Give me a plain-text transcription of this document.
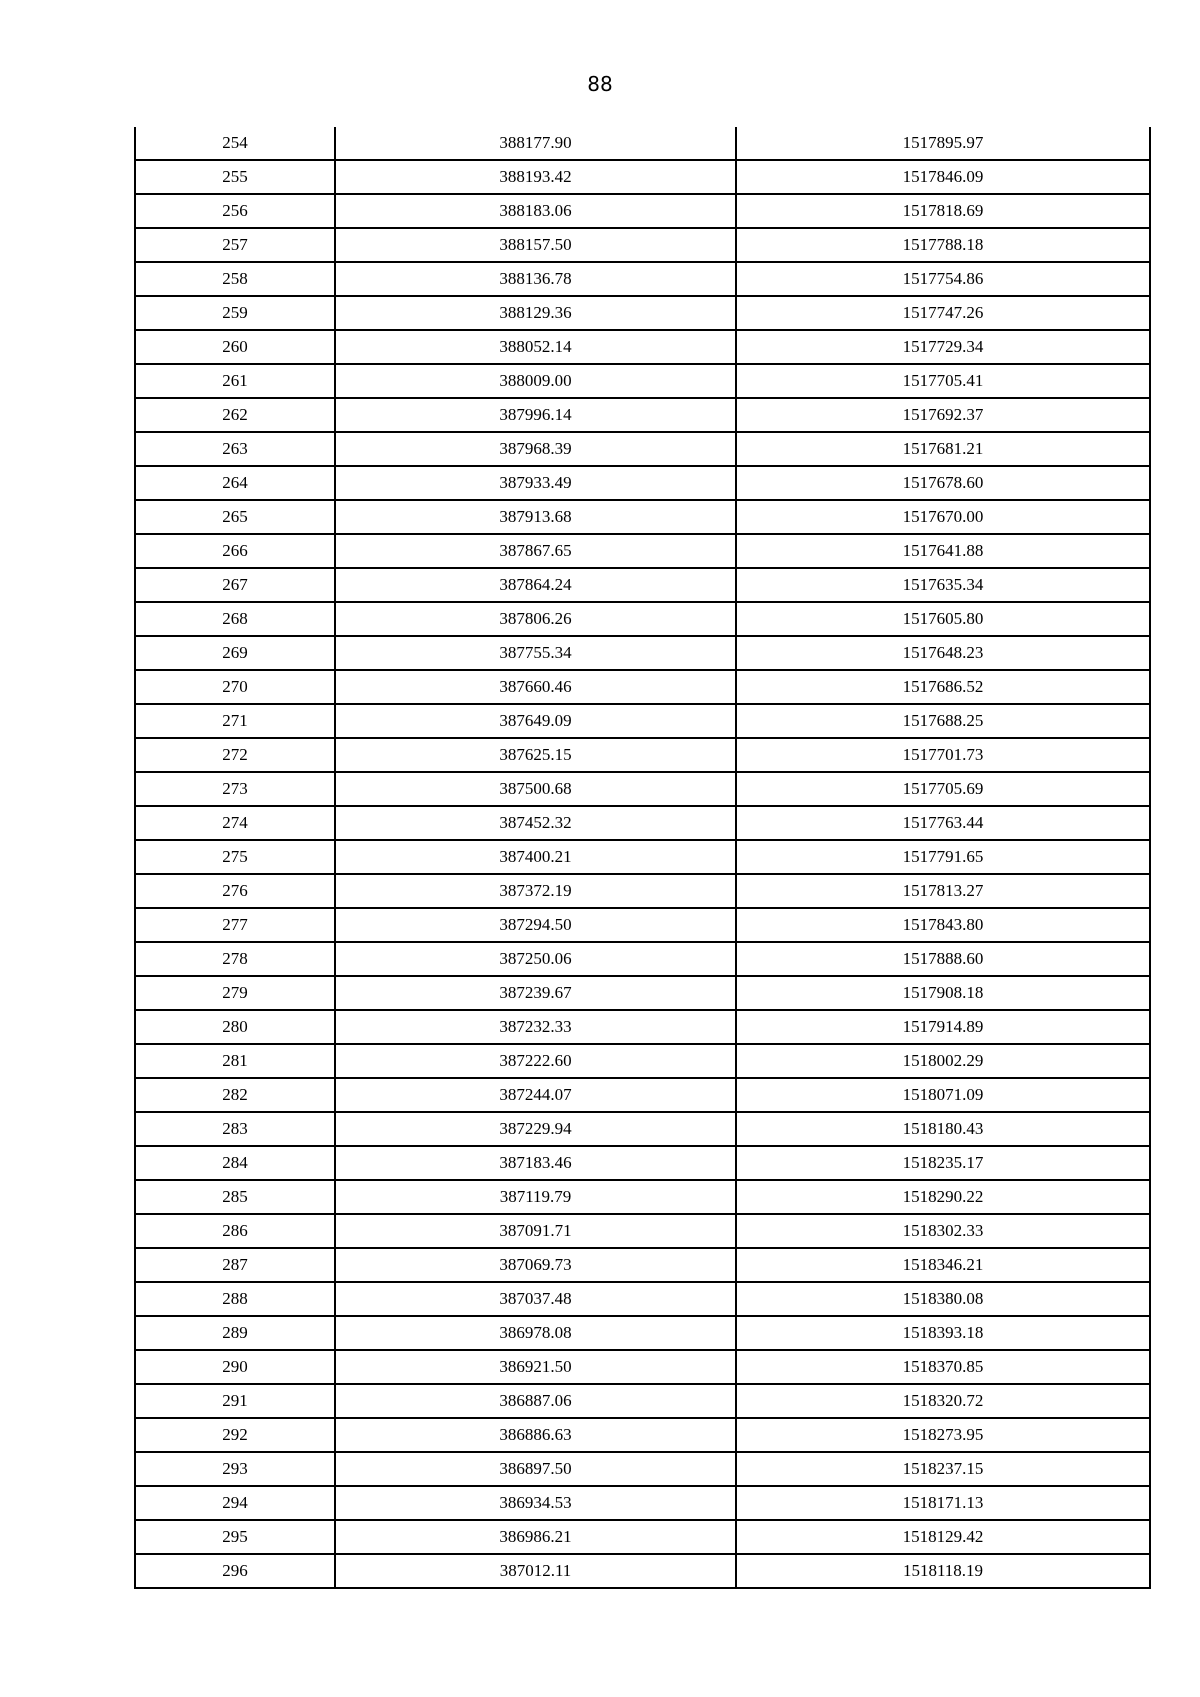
88
254	388177.90	1517895.97
255	388193.42	1517846.09
256	388183.06	1517818.69
257	388157.50	1517788.18
258	388136.78	1517754.86
259	388129.36	1517747.26
260	388052.14	1517729.34
261	388009.00	1517705.41
262	387996.14	1517692.37
263	387968.39	1517681.21
264	387933.49	1517678.60
265	387913.68	1517670.00
266	387867.65	1517641.88
267	387864.24	1517635.34
268	387806.26	1517605.80
269	387755.34	1517648.23
270	387660.46	1517686.52
271	387649.09	1517688.25
272	387625.15	1517701.73
273	387500.68	1517705.69
274	387452.32	1517763.44
275	387400.21	1517791.65
276	387372.19	1517813.27
277	387294.50	1517843.80
278	387250.06	1517888.60
279	387239.67	1517908.18
280	387232.33	1517914.89
281	387222.60	1518002.29
282	387244.07	1518071.09
283	387229.94	1518180.43
284	387183.46	1518235.17
285	387119.79	1518290.22
286	387091.71	1518302.33
287	387069.73	1518346.21
288	387037.48	1518380.08
289	386978.08	1518393.18
290	386921.50	1518370.85
291	386887.06	1518320.72
292	386886.63	1518273.95
293	386897.50	1518237.15
294	386934.53	1518171.13
295	386986.21	1518129.42
296	387012.11	1518118.19
